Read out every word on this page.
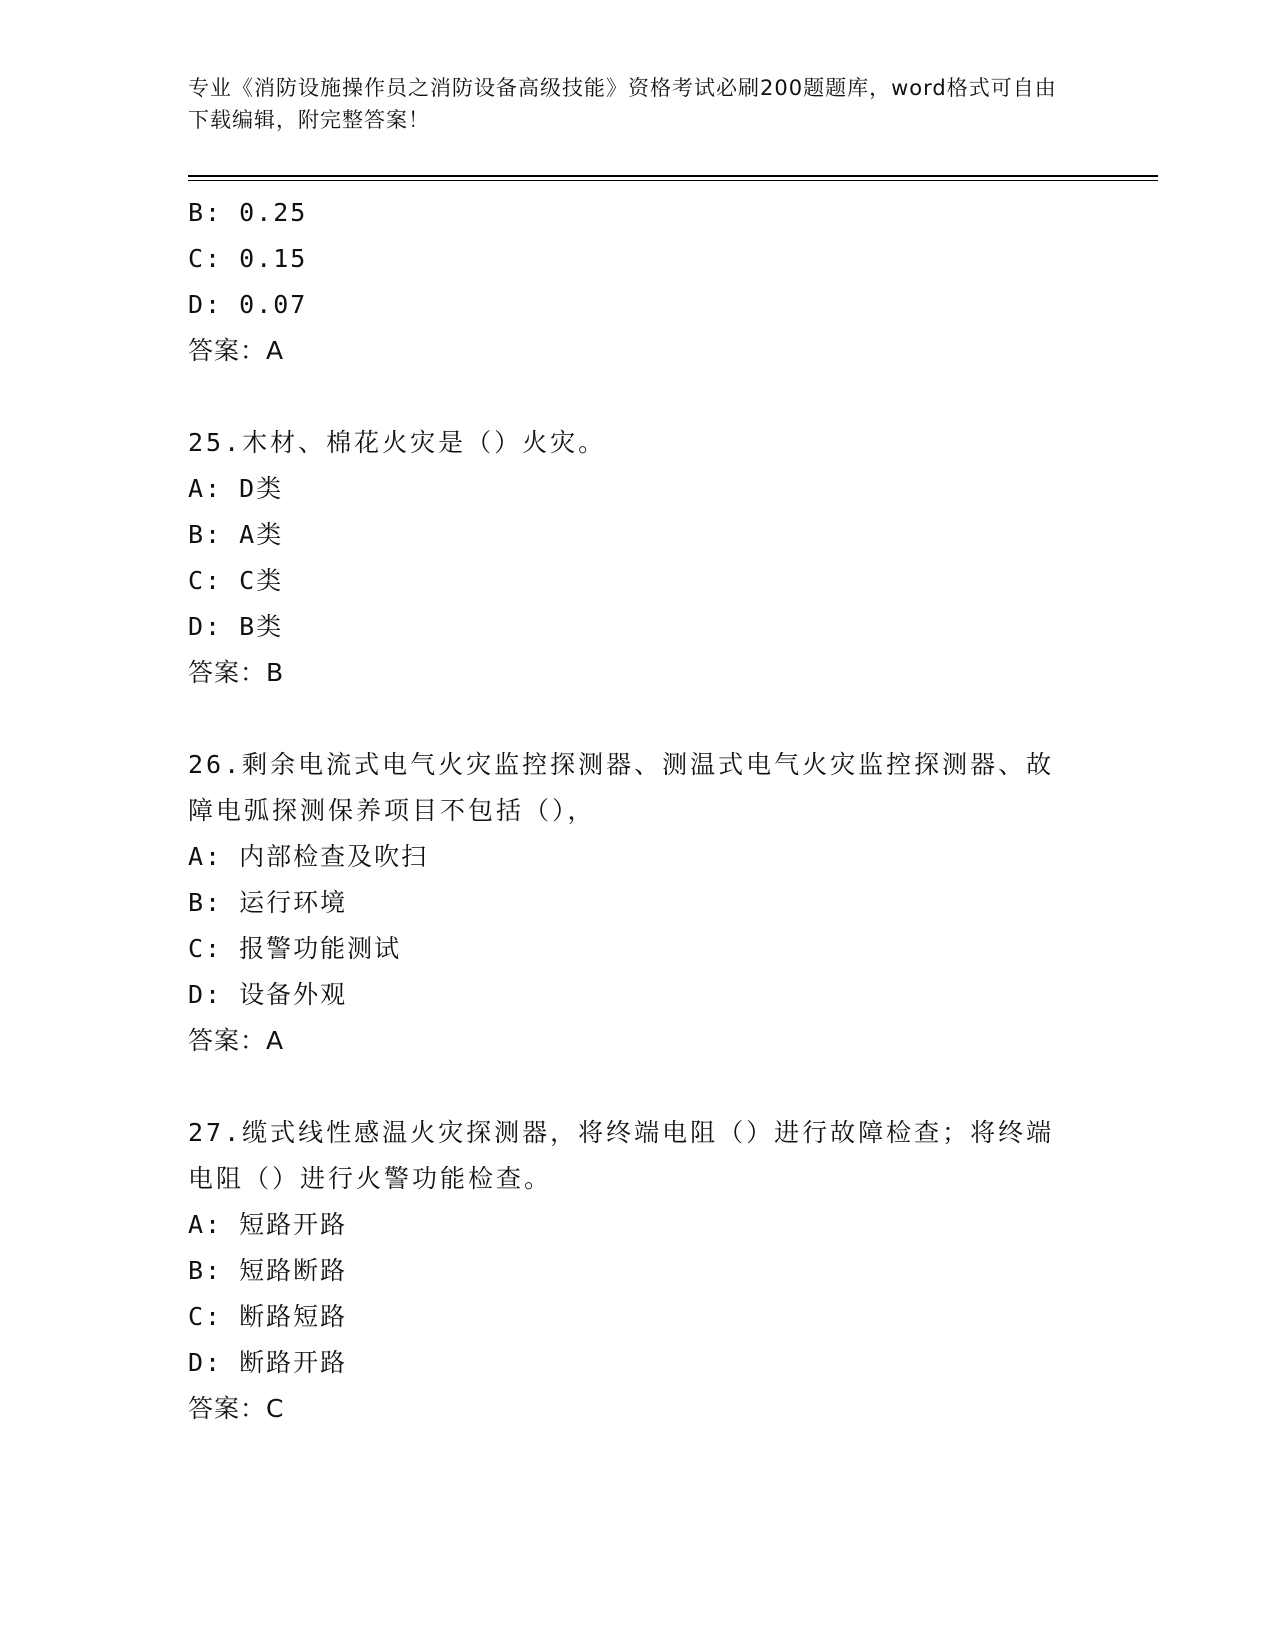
专业《消防设施操作员之消防设备高级技能》资格考试必刷200题题库，word格式可自由下载编辑，附完整答案！
B: 0.25
C: 0.15
D: 0.07
答案：A
25.木材、棉花火灾是（）火灾。
A: D类
B: A类
C: C类
D: B类
答案：B
26.剩余电流式电气火灾监控探测器、测温式电气火灾监控探测器、故障电弧探测保养项目不包括（），
A: 内部检查及吹扫
B: 运行环境
C: 报警功能测试
D: 设备外观
答案：A
27.缆式线性感温火灾探测器，将终端电阻（）进行故障检查；将终端电阻（）进行火警功能检查。
A: 短路开路
B: 短路断路
C: 断路短路
D: 断路开路
答案：C
